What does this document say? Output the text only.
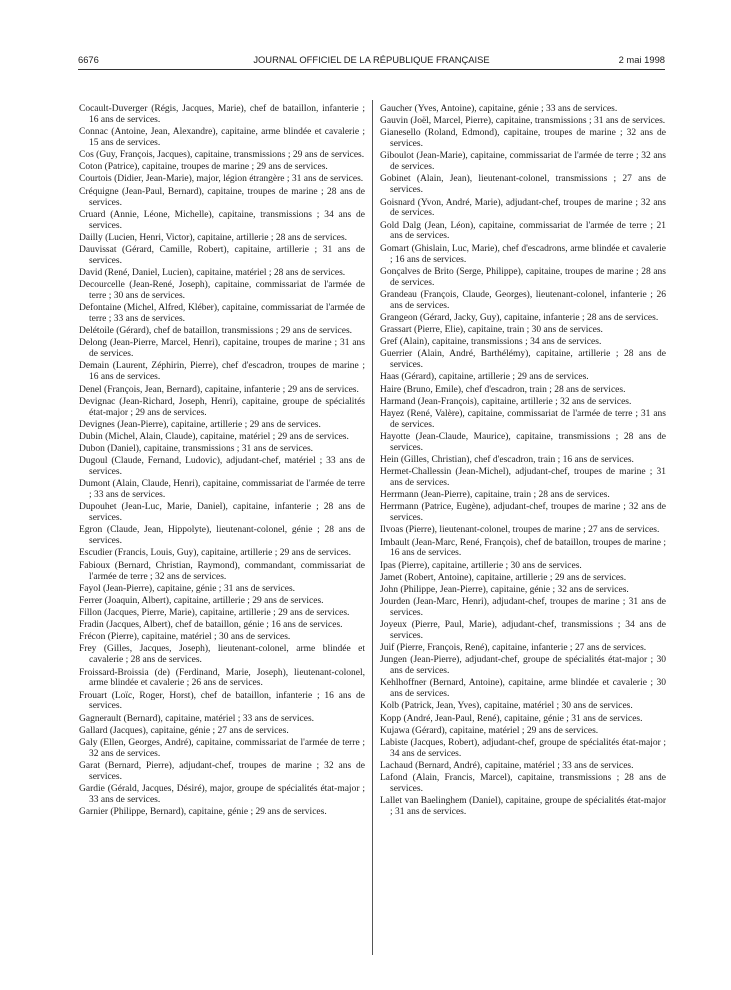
6676	JOURNAL OFFICIEL DE LA RÉPUBLIQUE FRANÇAISE	2 mai 1998

Cocault-Duverger (Régis, Jacques, Marie), chef de bataillon, infanterie ; 16 ans de services.

Connac (Antoine, Jean, Alexandre), capitaine, arme blindée et cavalerie ; 15 ans de services.

Cos (Guy, François, Jacques), capitaine, transmissions ; 29 ans de services.

Coton (Patrice), capitaine, troupes de marine ; 29 ans de services.

Courtois (Didier, Jean-Marie), major, légion étrangère ; 31 ans de services.

Créquigne (Jean-Paul, Bernard), capitaine, troupes de marine ; 28 ans de services.

Cruard (Annie, Léone, Michelle), capitaine, transmissions ; 34 ans de services.

Dailly (Lucien, Henri, Victor), capitaine, artillerie ; 28 ans de services.

Dauvissat (Gérard, Camille, Robert), capitaine, artillerie ; 31 ans de services.

David (René, Daniel, Lucien), capitaine, matériel ; 28 ans de services.

Decourcelle (Jean-René, Joseph), capitaine, commissariat de l'armée de terre ; 30 ans de services.

Defontaine (Michel, Alfred, Kléber), capitaine, commissariat de l'armée de terre ; 33 ans de services.

Delétoile (Gérard), chef de bataillon, transmissions ; 29 ans de services.

Delong (Jean-Pierre, Marcel, Henri), capitaine, troupes de marine ; 31 ans de services.

Demain (Laurent, Zéphirin, Pierre), chef d'escadron, troupes de marine ; 16 ans de services.

Denel (François, Jean, Bernard), capitaine, infanterie ; 29 ans de services.

Devignac (Jean-Richard, Joseph, Henri), capitaine, groupe de spécialités état-major ; 29 ans de services.

Devignes (Jean-Pierre), capitaine, artillerie ; 29 ans de services.

Dubin (Michel, Alain, Claude), capitaine, matériel ; 29 ans de services.

Dubon (Daniel), capitaine, transmissions ; 31 ans de services.

Dugoul (Claude, Fernand, Ludovic), adjudant-chef, matériel ; 33 ans de services.

Dumont (Alain, Claude, Henri), capitaine, commissariat de l'armée de terre ; 33 ans de services.

Dupouhet (Jean-Luc, Marie, Daniel), capitaine, infanterie ; 28 ans de services.

Egron (Claude, Jean, Hippolyte), lieutenant-colonel, génie ; 28 ans de services.

Escudier (Francis, Louis, Guy), capitaine, artillerie ; 29 ans de services.

Fabioux (Bernard, Christian, Raymond), commandant, commissariat de l'armée de terre ; 32 ans de services.

Fayol (Jean-Pierre), capitaine, génie ; 31 ans de services.

Ferrer (Joaquin, Albert), capitaine, artillerie ; 29 ans de services.

Fillon (Jacques, Pierre, Marie), capitaine, artillerie ; 29 ans de services.

Fradin (Jacques, Albert), chef de bataillon, génie ; 16 ans de services.

Frécon (Pierre), capitaine, matériel ; 30 ans de services.

Frey (Gilles, Jacques, Joseph), lieutenant-colonel, arme blindée et cavalerie ; 28 ans de services.

Froissard-Broissia (de) (Ferdinand, Marie, Joseph), lieutenant-colonel, arme blindée et cavalerie ; 26 ans de services.

Frouart (Loïc, Roger, Horst), chef de bataillon, infanterie ; 16 ans de services.

Gagnerault (Bernard), capitaine, matériel ; 33 ans de services.

Gallard (Jacques), capitaine, génie ; 27 ans de services.

Galy (Ellen, Georges, André), capitaine, commissariat de l'armée de terre ; 32 ans de services.

Garat (Bernard, Pierre), adjudant-chef, troupes de marine ; 32 ans de services.

Gardie (Gérald, Jacques, Désiré), major, groupe de spécialités état-major ; 33 ans de services.

Garnier (Philippe, Bernard), capitaine, génie ; 29 ans de services.

Gaucher (Yves, Antoine), capitaine, génie ; 33 ans de services.

Gauvin (Joël, Marcel, Pierre), capitaine, transmissions ; 31 ans de services.

Gianesello (Roland, Edmond), capitaine, troupes de marine ; 32 ans de services.

Giboulot (Jean-Marie), capitaine, commissariat de l'armée de terre ; 32 ans de services.

Gobinet (Alain, Jean), lieutenant-colonel, transmissions ; 27 ans de services.

Goisnard (Yvon, André, Marie), adjudant-chef, troupes de marine ; 32 ans de services.

Gold Dalg (Jean, Léon), capitaine, commissariat de l'armée de terre ; 21 ans de services.

Gomart (Ghislain, Luc, Marie), chef d'escadrons, arme blindée et cavalerie ; 16 ans de services.

Gonçalves de Brito (Serge, Philippe), capitaine, troupes de marine ; 28 ans de services.

Grandeau (François, Claude, Georges), lieutenant-colonel, infanterie ; 26 ans de services.

Grangeon (Gérard, Jacky, Guy), capitaine, infanterie ; 28 ans de services.

Grassart (Pierre, Elie), capitaine, train ; 30 ans de services.

Gref (Alain), capitaine, transmissions ; 34 ans de services.

Guerrier (Alain, André, Barthélémy), capitaine, artillerie ; 28 ans de services.

Haas (Gérard), capitaine, artillerie ; 29 ans de services.

Haire (Bruno, Emile), chef d'escadron, train ; 28 ans de services.

Harmand (Jean-François), capitaine, artillerie ; 32 ans de services.

Hayez (René, Valère), capitaine, commissariat de l'armée de terre ; 31 ans de services.

Hayotte (Jean-Claude, Maurice), capitaine, transmissions ; 28 ans de services.

Hein (Gilles, Christian), chef d'escadron, train ; 16 ans de services.

Hermet-Challessin (Jean-Michel), adjudant-chef, troupes de marine ; 31 ans de services.

Herrmann (Jean-Pierre), capitaine, train ; 28 ans de services.

Herrmann (Patrice, Eugène), adjudant-chef, troupes de marine ; 32 ans de services.

Ilvoas (Pierre), lieutenant-colonel, troupes de marine ; 27 ans de services.

Imbault (Jean-Marc, René, François), chef de bataillon, troupes de marine ; 16 ans de services.

Ipas (Pierre), capitaine, artillerie ; 30 ans de services.

Jamet (Robert, Antoine), capitaine, artillerie ; 29 ans de services.

John (Philippe, Jean-Pierre), capitaine, génie ; 32 ans de services.

Jourden (Jean-Marc, Henri), adjudant-chef, troupes de marine ; 31 ans de services.

Joyeux (Pierre, Paul, Marie), adjudant-chef, transmissions ; 34 ans de services.

Juif (Pierre, François, René), capitaine, infanterie ; 27 ans de services.

Jungen (Jean-Pierre), adjudant-chef, groupe de spécialités état-major ; 30 ans de services.

Kehlhoffner (Bernard, Antoine), capitaine, arme blindée et cavalerie ; 30 ans de services.

Kolb (Patrick, Jean, Yves), capitaine, matériel ; 30 ans de services.

Kopp (André, Jean-Paul, René), capitaine, génie ; 31 ans de services.

Kujawa (Gérard), capitaine, matériel ; 29 ans de services.

Labiste (Jacques, Robert), adjudant-chef, groupe de spécialités état-major ; 34 ans de services.

Lachaud (Bernard, André), capitaine, matériel ; 33 ans de services.

Lafond (Alain, Francis, Marcel), capitaine, transmissions ; 28 ans de services.

Lallet van Baelinghem (Daniel), capitaine, groupe de spécialités état-major ; 31 ans de services.
